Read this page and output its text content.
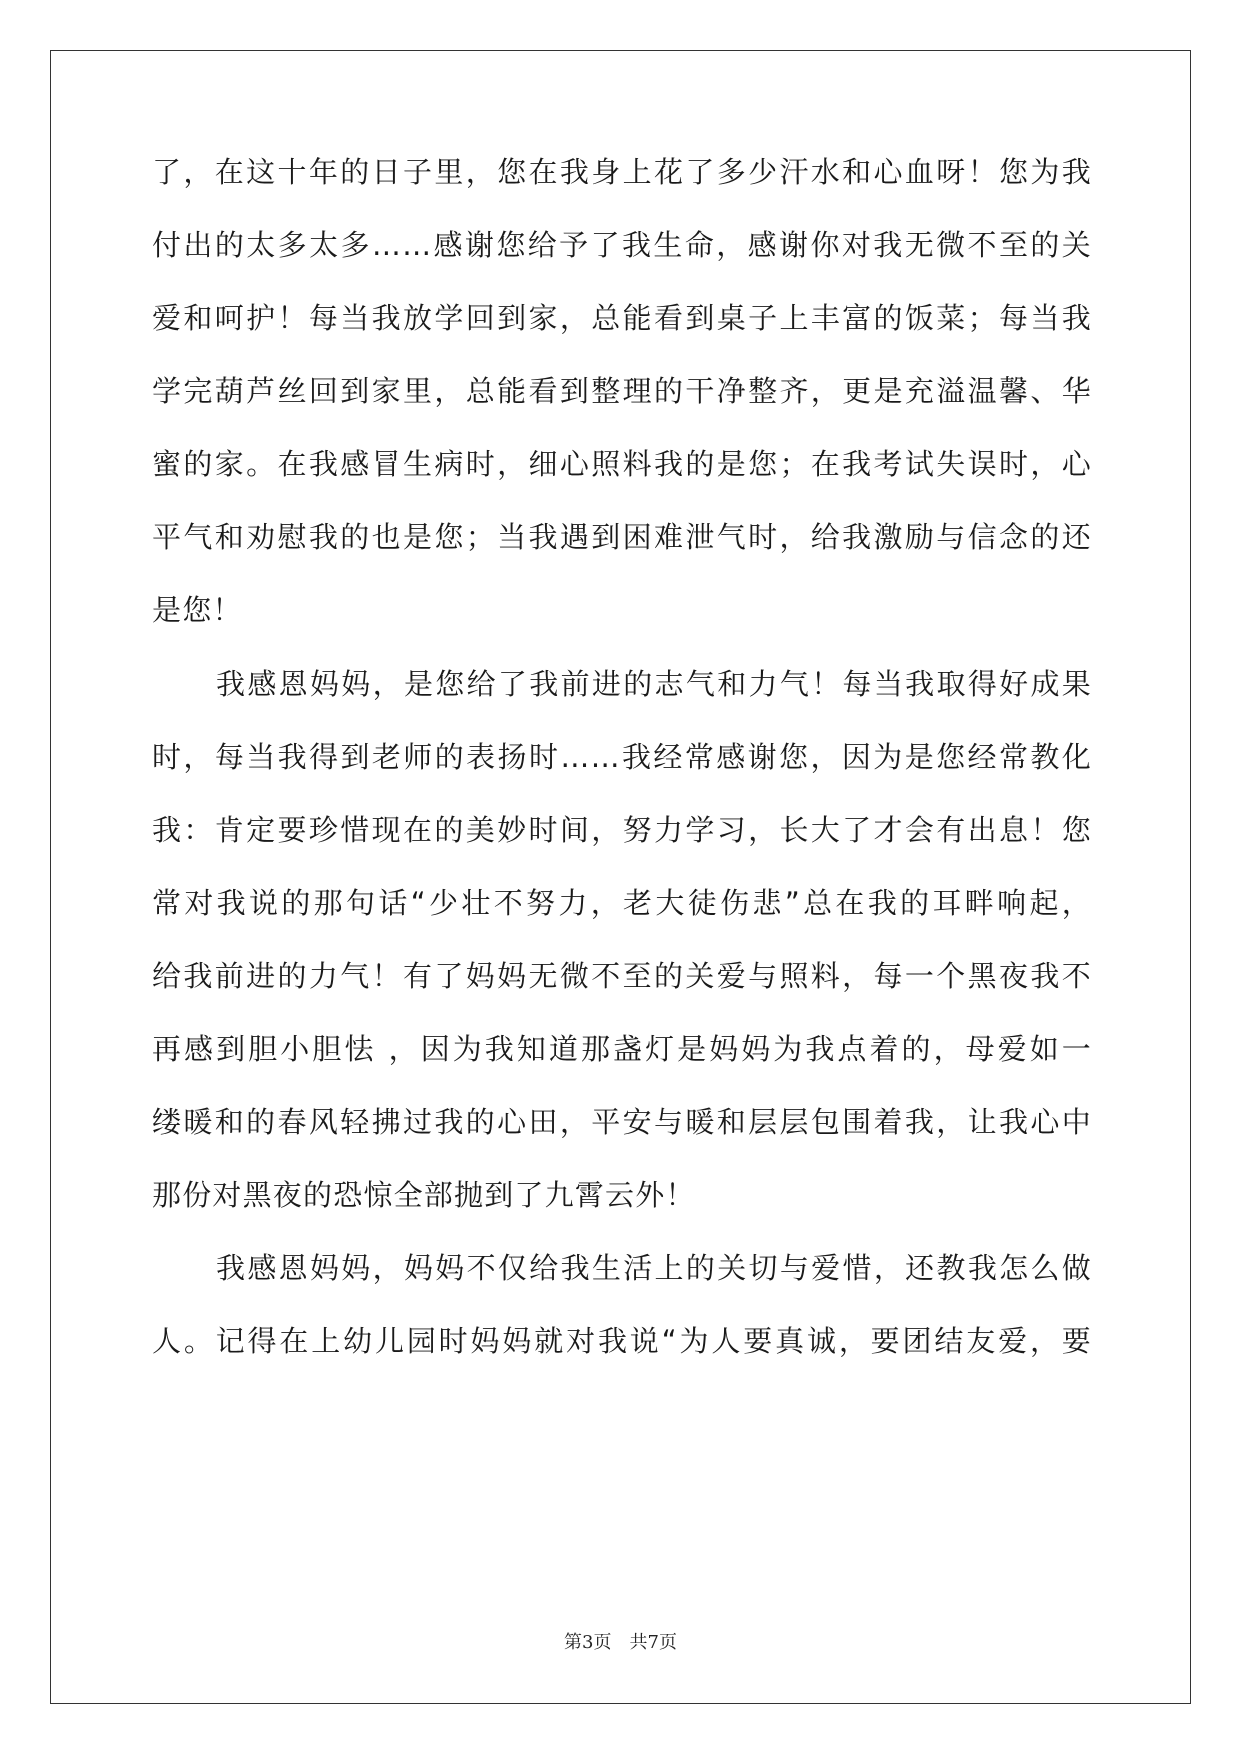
了，在这十年的日子里，您在我身上花了多少汗水和心血呀！您为我
付出的太多太多……感谢您给予了我生命，感谢你对我无微不至的关
爱和呵护！每当我放学回到家，总能看到桌子上丰富的饭菜；每当我
学完葫芦丝回到家里，总能看到整理的干净整齐，更是充溢温馨、华
蜜的家。在我感冒生病时，细心照料我的是您；在我考试失误时，心
平气和劝慰我的也是您；当我遇到困难泄气时，给我激励与信念的还
是您！
我感恩妈妈，是您给了我前进的志气和力气！每当我取得好成果
时，每当我得到老师的表扬时……我经常感谢您，因为是您经常教化
我：肯定要珍惜现在的美妙时间，努力学习，长大了才会有出息！您
常对我说的那句话“少壮不努力，老大徒伤悲”总在我的耳畔响起，
给我前进的力气！有了妈妈无微不至的关爱与照料，每一个黑夜我不
再感到胆小胆怯 ，因为我知道那盏灯是妈妈为我点着的，母爱如一
缕暖和的春风轻拂过我的心田，平安与暖和层层包围着我，让我心中
那份对黑夜的恐惊全部抛到了九霄云外！
我感恩妈妈，妈妈不仅给我生活上的关切与爱惜，还教我怎么做
人。记得在上幼儿园时妈妈就对我说“为人要真诚，要团结友爱，要
第3页　共7页
